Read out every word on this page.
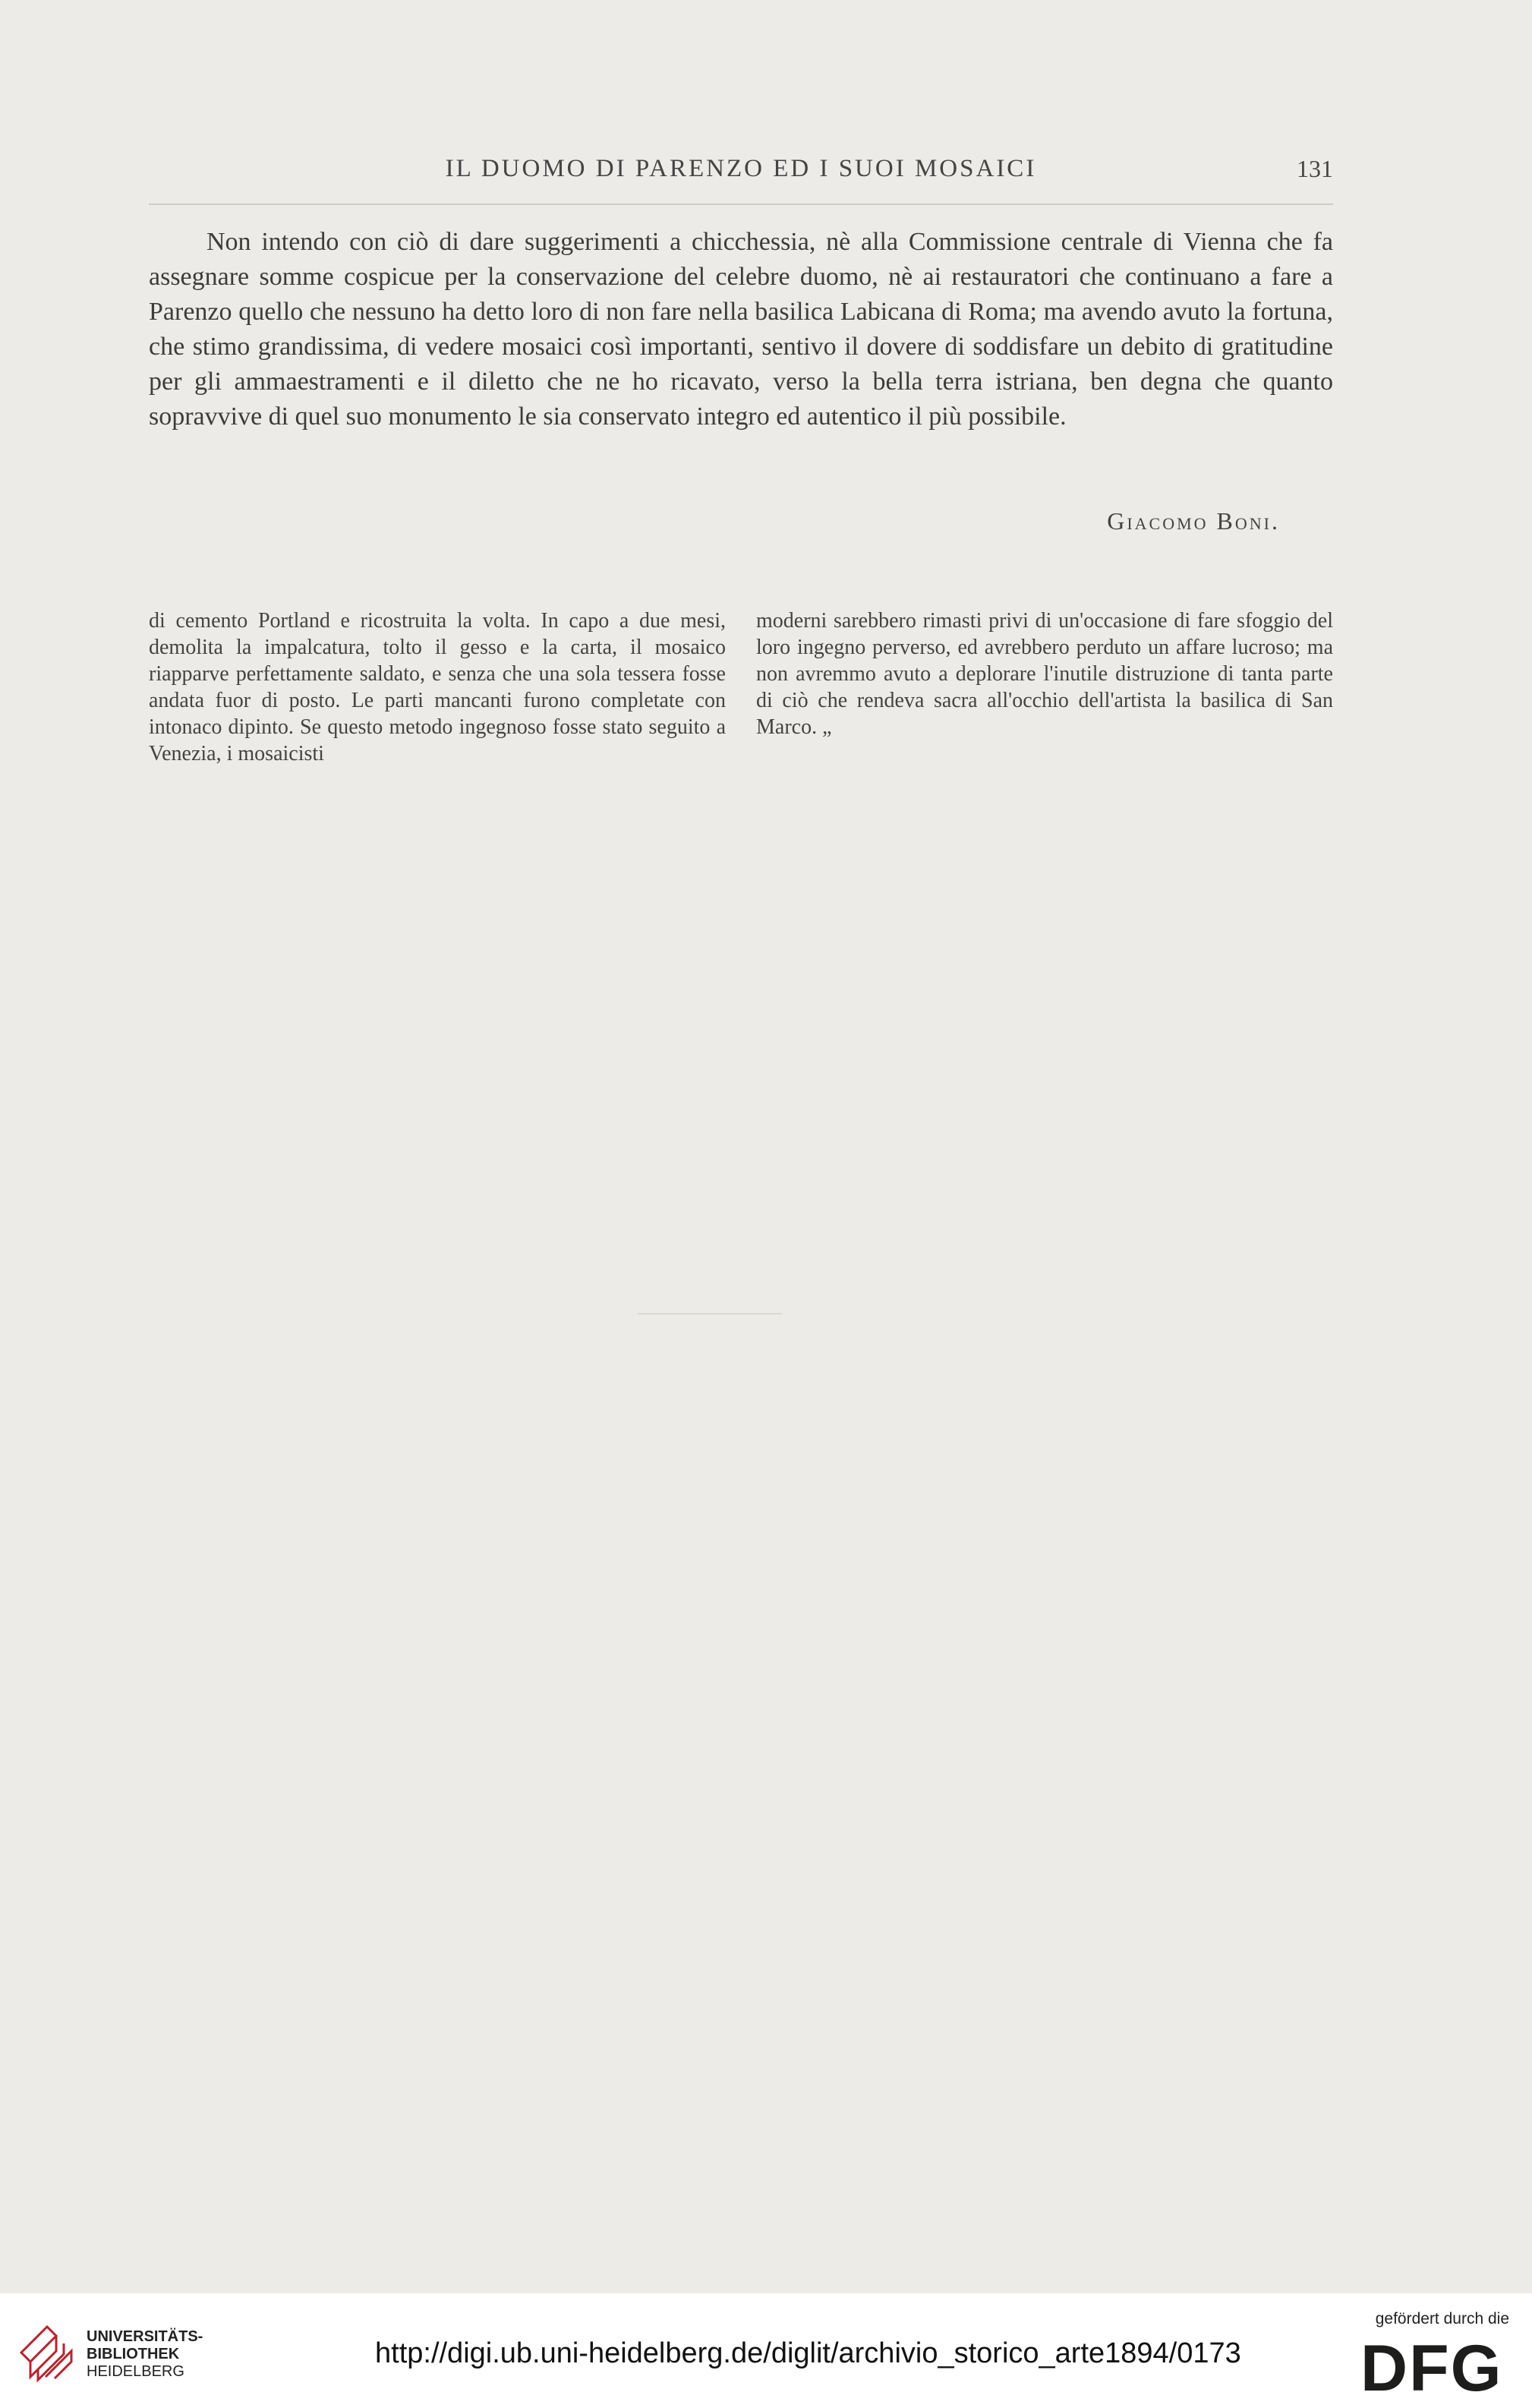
IL DUOMO DI PARENZO ED I SUOI MOSAICI	131

Non intendo con ciò di dare suggerimenti a chicchessia, nè alla Commissione centrale di Vienna che fa assegnare somme cospicue per la conservazione del celebre duomo, nè ai restauratori che continuano a fare a Parenzo quello che nessuno ha detto loro di non fare nella basilica Labicana di Roma; ma avendo avuto la fortuna, che stimo grandissima, di vedere mosaici così importanti, sentivo il dovere di soddisfare un debito di gratitudine per gli ammaestramenti e il diletto che ne ho ricavato, verso la bella terra istriana, ben degna che quanto sopravvive di quel suo monumento le sia conservato integro ed autentico il più possibile.

Giacomo Boni.

di cemento Portland e ricostruita la volta. In capo a due mesi, demolita la impalcatura, tolto il gesso e la carta, il mosaico riapparve perfettamente saldato, e senza che una sola tessera fosse andata fuor di posto. Le parti mancanti furono completate con intonaco dipinto. Se questo metodo ingegnoso fosse stato seguito a Venezia, i mosaicisti

moderni sarebbero rimasti privi di un'occasione di fare sfoggio del loro ingegno perverso, ed avrebbero perduto un affare lucroso; ma non avremmo avuto a deplorare l'inutile distruzione di tanta parte di ciò che rendeva sacra all'occhio dell'artista la basilica di San Marco. „

UNIVERSITÄTS-
BIBLIOTHEK
HEIDELBERG
http://digi.ub.uni-heidelberg.de/diglit/archivio_storico_arte1894/0173
gefördert durch die
DFG
